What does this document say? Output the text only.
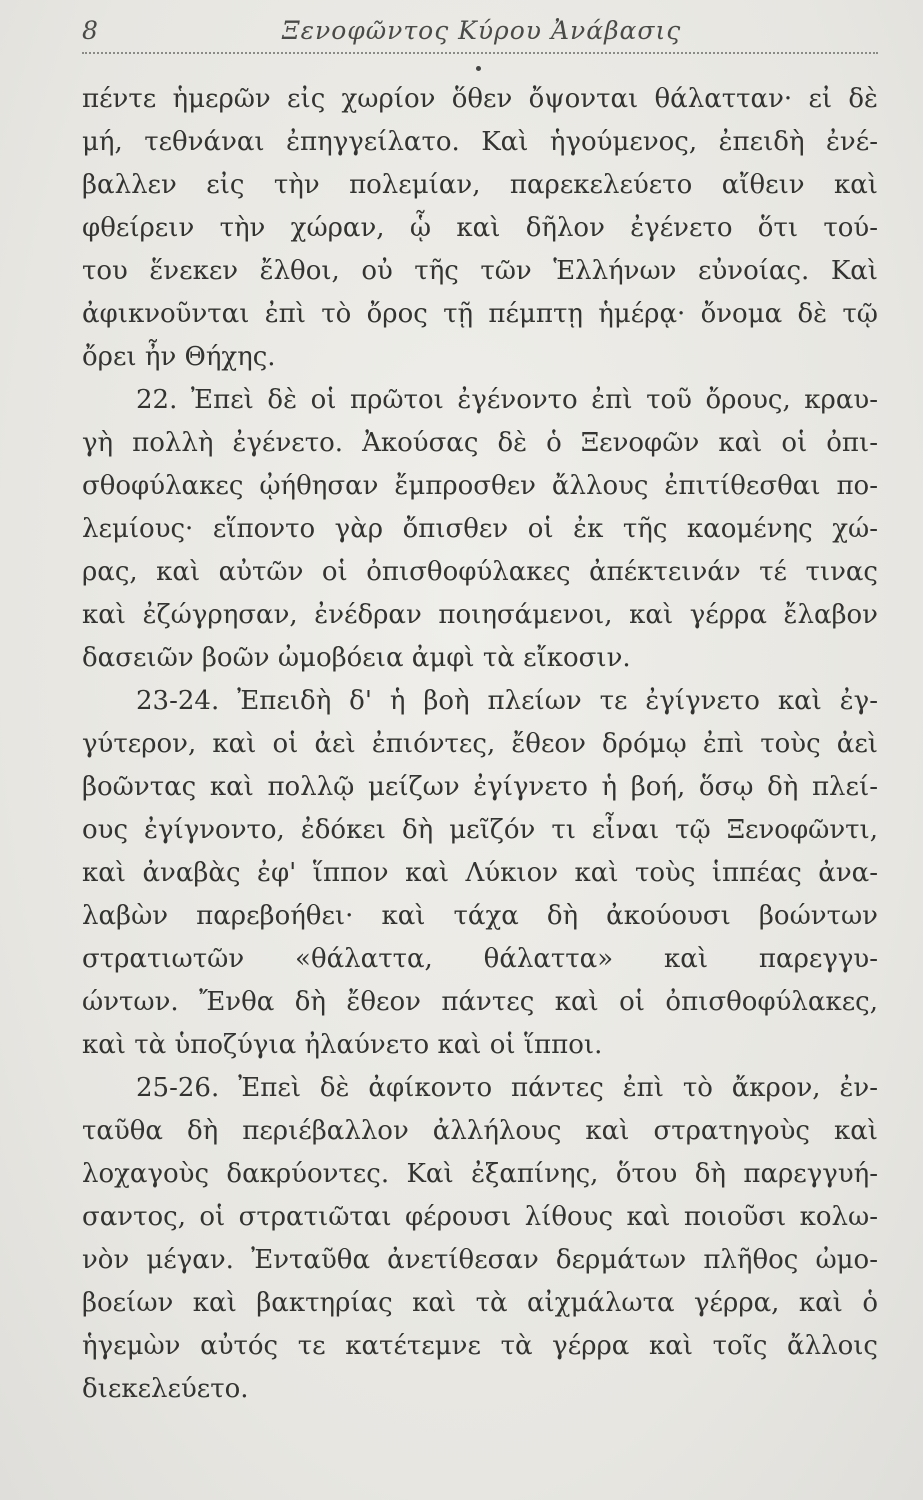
8	Ξενοφῶντος Κύρου Ἀνάβασις
πέντε ἡμερῶν εἰς χωρίον ὅθεν ὄψονται θάλατταν· εἰ δὲ
μή, τεθνάναι ἐπηγγείλατο. Καὶ ἡγούμενος, ἐπειδὴ ἐνέ-
βαλλεν εἰς τὴν πολεμίαν, παρεκελεύετο αἴθειν καὶ
φθείρειν τὴν χώραν, ᾧ καὶ δῆλον ἐγένετο ὅτι τού-
του ἕνεκεν ἔλθοι, οὐ τῆς τῶν Ἑλλήνων εὐνοίας. Καὶ
ἀφικνοῦνται ἐπὶ τὸ ὄρος τῇ πέμπτῃ ἡμέρᾳ· ὄνομα δὲ τῷ
ὄρει ἦν Θήχης.
22. Ἐπεὶ δὲ οἱ πρῶτοι ἐγένοντο ἐπὶ τοῦ ὄρους, κραυ-
γὴ πολλὴ ἐγένετο. Ἀκούσας δὲ ὁ Ξενοφῶν καὶ οἱ ὀπι-
σθοφύλακες ᾠήθησαν ἔμπροσθεν ἄλλους ἐπιτίθεσθαι πο-
λεμίους· εἵποντο γὰρ ὄπισθεν οἱ ἐκ τῆς καομένης χώ-
ρας, καὶ αὐτῶν οἱ ὀπισθοφύλακες ἀπέκτεινάν τέ τινας
καὶ ἐζώγρησαν, ἐνέδραν ποιησάμενοι, καὶ γέρρα ἔλαβον
δασειῶν βοῶν ὠμοβόεια ἀμφὶ τὰ εἴκοσιν.
23-24. Ἐπειδὴ δ' ἡ βοὴ πλείων τε ἐγίγνετο καὶ ἐγ-
γύτερον, καὶ οἱ ἀεὶ ἐπιόντες, ἔθεον δρόμῳ ἐπὶ τοὺς ἀεὶ
βοῶντας καὶ πολλῷ μείζων ἐγίγνετο ἡ βοή, ὅσῳ δὴ πλεί-
ους ἐγίγνοντο, ἐδόκει δὴ μεῖζόν τι εἶναι τῷ Ξενοφῶντι,
καὶ ἀναβὰς ἐφ' ἵππον καὶ Λύκιον καὶ τοὺς ἱππέας ἀνα-
λαβὼν παρεβοήθει· καὶ τάχα δὴ ἀκούουσι βοώντων
στρατιωτῶν «θάλαττα, θάλαττα» καὶ παρεγγυ-
ώντων. Ἔνθα δὴ ἔθεον πάντες καὶ οἱ ὀπισθοφύλακες,
καὶ τὰ ὑποζύγια ἠλαύνετο καὶ οἱ ἵπποι.
25-26. Ἐπεὶ δὲ ἀφίκοντο πάντες ἐπὶ τὸ ἄκρον, ἐν-
ταῦθα δὴ περιέβαλλον ἀλλήλους καὶ στρατηγοὺς καὶ
λοχαγοὺς δακρύοντες. Καὶ ἐξαπίνης, ὅτου δὴ παρεγγυή-
σαντος, οἱ στρατιῶται φέρουσι λίθους καὶ ποιοῦσι κολω-
νὸν μέγαν. Ἐνταῦθα ἀνετίθεσαν δερμάτων πλῆθος ὠμο-
βοείων καὶ βακτηρίας καὶ τὰ αἰχμάλωτα γέρρα, καὶ ὁ
ἡγεμὼν αὐτός τε κατέτεμνε τὰ γέρρα καὶ τοῖς ἄλλοις
διεκελεύετο.
